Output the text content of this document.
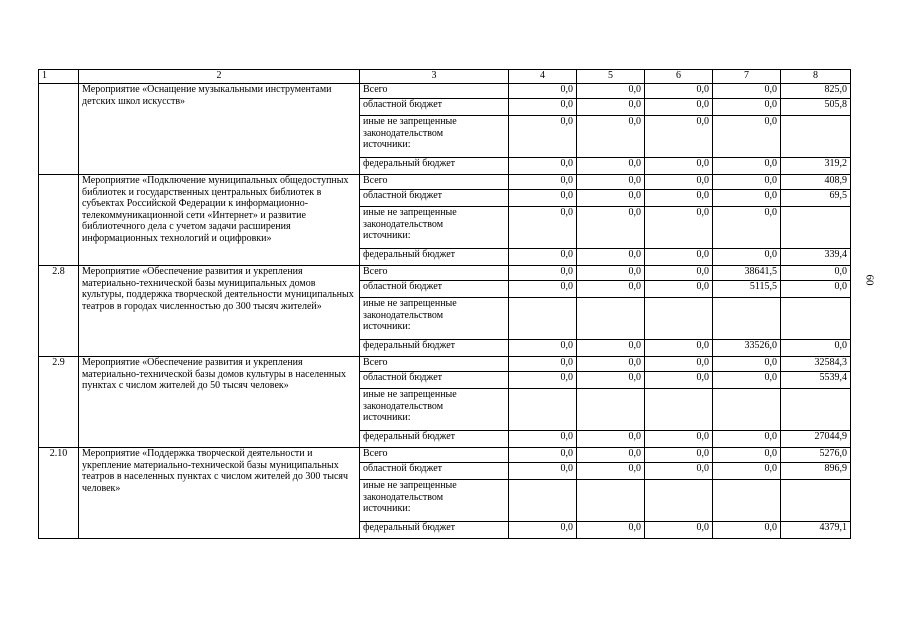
1	2	3	4	5	6	7	8
	Мероприятие «Оснащение музыкальными инструментами детских школ искусств»	Всего	0,0	0,0	0,0	0,0	825,0
		областной бюджет	0,0	0,0	0,0	0,0	505,8

		иные не запрещенные
законодательством
источники:	0,0	0,0	0,0	0,0	
		федеральный бюджет	0,0	0,0	0,0	0,0	319,2
	Мероприятие «Подключение муниципальных общедоступных библиотек и государственных центральных библиотек в субъектах Российской Федерации к информационно-телекоммуникационной сети «Интернет» и развитие библиотечного дела с учетом задачи расширения информационных технологий и оцифровки»	Всего	0,0	0,0	0,0	0,0	408,9
		областной бюджет	0,0	0,0	0,0	0,0	69,5

		иные не запрещенные
законодательством
источники:	0,0	0,0	0,0	0,0	
		федеральный бюджет	0,0	0,0	0,0	0,0	339,4
2.8	Мероприятие «Обеспечение развития и укрепления материально-технической базы муниципальных домов культуры, поддержка творческой деятельности муниципальных театров в городах численностью до 300 тысяч жителей»	Всего	0,0	0,0	0,0	38641,5	0,0
		областной бюджет	0,0	0,0	0,0	5115,5	0,0

		иные не запрещенные
законодательством
источники:					

		федеральный бюджет	0,0	0,0	0,0	33526,0	0,0
2.9	Мероприятие «Обеспечение развития и укрепления материально-технической базы домов культуры в населенных пунктах с числом жителей до 50 тысяч человек»	Всего	0,0	0,0	0,0	0,0	32584,3
		областной бюджет	0,0	0,0	0,0	0,0	5539,4

		иные не запрещенные
законодательством
источники:					

		федеральный бюджет	0,0	0,0	0,0	0,0	27044,9
2.10	Мероприятие «Поддержка творческой деятельности и укрепление материально-технической базы муниципальных театров в населенных пунктах с числом жителей до 300 тысяч человек»	Всего	0,0	0,0	0,0	0,0	5276,0
		областной бюджет	0,0	0,0	0,0	0,0	896,9

		иные не запрещенные
законодательством
источники:					

		федеральный бюджет	0,0	0,0	0,0	0,0	4379,1
60
